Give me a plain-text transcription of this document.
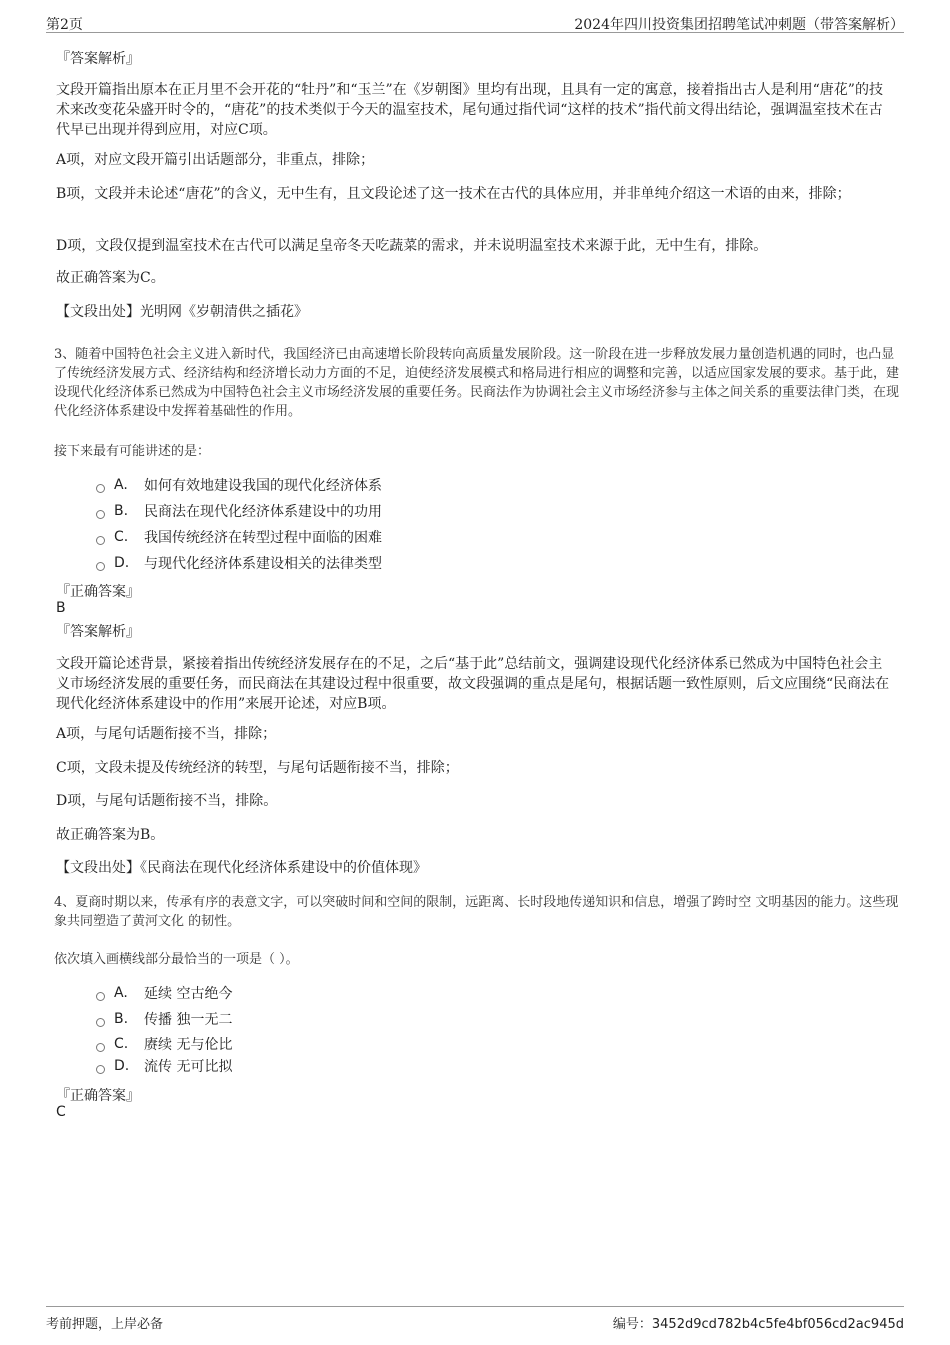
第2页	2024年四川投资集团招聘笔试冲刺题（带答案解析）
『答案解析』
文段开篇指出原本在正月里不会开花的“牡丹”和“玉兰”在《岁朝图》里均有出现，且具有一定的寓意，接着指出古人是利用“唐花”的技术来改变花朵盛开时令的，“唐花”的技术类似于今天的温室技术，尾句通过指代词“这样的技术”指代前文得出结论，强调温室技术在古代早已出现并得到应用，对应C项。
A项，对应文段开篇引出话题部分，非重点，排除；
B项，文段并未论述“唐花”的含义，无中生有，且文段论述了这一技术在古代的具体应用，并非单纯介绍这一术语的由来，排除；
D项，文段仅提到温室技术在古代可以满足皇帝冬天吃蔬菜的需求，并未说明温室技术来源于此，无中生有，排除。
故正确答案为C。
【文段出处】光明网《岁朝清供之插花》
3、随着中国特色社会主义进入新时代，我国经济已由高速增长阶段转向高质量发展阶段。这一阶段在进一步释放发展力量创造机遇的同时，也凸显了传统经济发展方式、经济结构和经济增长动力方面的不足，迫使经济发展模式和格局进行相应的调整和完善，以适应国家发展的要求。基于此，建设现代化经济体系已然成为中国特色社会主义市场经济发展的重要任务。民商法作为协调社会主义市场经济参与主体之间关系的重要法律门类，在现代化经济体系建设中发挥着基础性的作用。
接下来最有可能讲述的是：
A.	如何有效地建设我国的现代化经济体系
B.	民商法在现代化经济体系建设中的功用
C.	我国传统经济在转型过程中面临的困难
D.	与现代化经济体系建设相关的法律类型
『正确答案』
B
『答案解析』
文段开篇论述背景，紧接着指出传统经济发展存在的不足，之后“基于此”总结前文，强调建设现代化经济体系已然成为中国特色社会主义市场经济发展的重要任务，而民商法在其建设过程中很重要，故文段强调的重点是尾句，根据话题一致性原则，后文应围绕“民商法在现代化经济体系建设中的作用”来展开论述，对应B项。
A项，与尾句话题衔接不当，排除；
C项，文段未提及传统经济的转型，与尾句话题衔接不当，排除；
D项，与尾句话题衔接不当，排除。
故正确答案为B。
【文段出处】《民商法在现代化经济体系建设中的价值体现》
4、夏商时期以来，传承有序的表意文字，可以突破时间和空间的限制，远距离、长时段地传递知识和信息，增强了跨时空 文明基因的能力。这些现象共同塑造了黄河文化 的韧性。
依次填入画横线部分最恰当的一项是（ ）。
A.	延续 空古绝今
B.	传播 独一无二
C.	赓续 无与伦比
D.	流传 无可比拟
『正确答案』
C
考前押题，上岸必备	编号：3452d9cd782b4c5fe4bf056cd2ac945d
